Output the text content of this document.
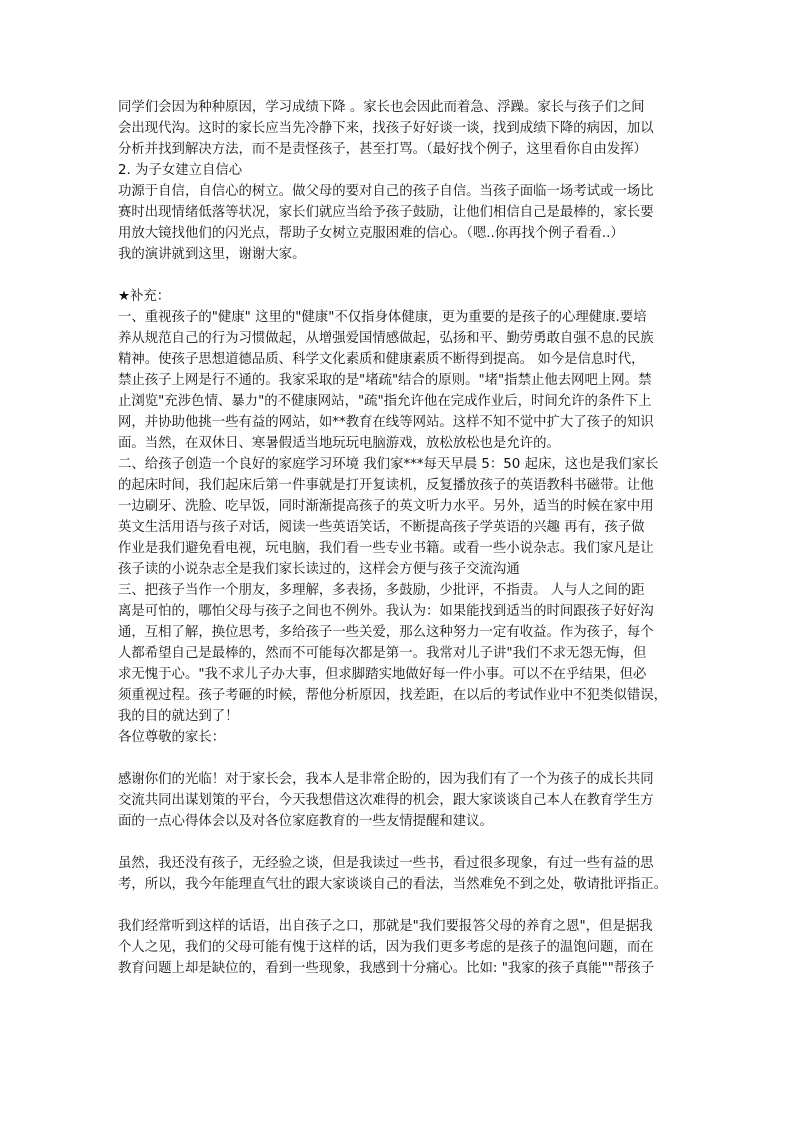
同学们会因为种种原因，学习成绩下降 。家长也会因此而着急、浮躁。家长与孩子们之间
会出现代沟。这时的家长应当先冷静下来，找孩子好好谈一谈，找到成绩下降的病因，加以
分析并找到解决方法，而不是责怪孩子，甚至打骂。（最好找个例子，这里看你自由发挥）
2. 为子女建立自信心
功源于自信，自信心的树立。做父母的要对自己的孩子自信。当孩子面临一场考试或一场比
赛时出现情绪低落等状况，家长们就应当给予孩子鼓励，让他们相信自己是最棒的，家长要
用放大镜找他们的闪光点，帮助子女树立克服困难的信心。（嗯..你再找个例子看看..）
我的演讲就到这里，谢谢大家。
★补充：
一、重视孩子的"健康" 这里的"健康"不仅指身体健康，更为重要的是孩子的心理健康.要培
养从规范自己的行为习惯做起，从增强爱国情感做起，弘扬和平、勤劳勇敢自强不息的民族
精神。使孩子思想道德品质、科学文化素质和健康素质不断得到提高。 如今是信息时代，
禁止孩子上网是行不通的。我家采取的是"堵疏"结合的原则。"堵"指禁止他去网吧上网。禁
止浏览"充涉色情、暴力"的不健康网站，"疏"指允许他在完成作业后，时间允许的条件下上
网，并协助他挑一些有益的网站，如**教育在线等网站。这样不知不觉中扩大了孩子的知识
面。当然，在双休日、寒暑假适当地玩玩电脑游戏，放松放松也是允许的。
二、给孩子创造一个良好的家庭学习环境 我们家***每天早晨 5：50 起床，这也是我们家长
的起床时间，我们起床后第一件事就是打开复读机，反复播放孩子的英语教科书磁带。让他
一边刷牙、洗脸、吃早饭，同时渐渐提高孩子的英文听力水平。另外，适当的时候在家中用
英文生活用语与孩子对话，阅读一些英语笑话，不断提高孩子学英语的兴趣 再有，孩子做
作业是我们避免看电视，玩电脑，我们看一些专业书籍。或看一些小说杂志。我们家凡是让
孩子读的小说杂志全是我们家长读过的，这样会方便与孩子交流沟通
三、把孩子当作一个朋友，多理解，多表扬，多鼓励，少批评，不指责。 人与人之间的距
离是可怕的，哪怕父母与孩子之间也不例外。我认为：如果能找到适当的时间跟孩子好好沟
通，互相了解，换位思考，多给孩子一些关爱，那么这种努力一定有收益。作为孩子，每个
人都希望自己是最棒的，然而不可能每次都是第一。我常对儿子讲"我们不求无怨无悔，但
求无愧于心。"我不求儿子办大事，但求脚踏实地做好每一件小事。可以不在乎结果，但必
须重视过程。孩子考砸的时候，帮他分析原因，找差距，在以后的考试作业中不犯类似错误，
我的目的就达到了！
各位尊敬的家长：
感谢你们的光临！对于家长会，我本人是非常企盼的，因为我们有了一个为孩子的成长共同
交流共同出谋划策的平台，今天我想借这次难得的机会，跟大家谈谈自己本人在教育学生方
面的一点心得体会以及对各位家庭教育的一些友情提醒和建议。
虽然，我还没有孩子，无经验之谈，但是我读过一些书，看过很多现象，有过一些有益的思
考，所以，我今年能理直气壮的跟大家谈谈自己的看法，当然难免不到之处，敬请批评指正。
我们经常听到这样的话语，出自孩子之口，那就是"我们要报答父母的养育之恩"，但是据我
个人之见，我们的父母可能有愧于这样的话，因为我们更多考虑的是孩子的温饱问题，而在
教育问题上却是缺位的，看到一些现象，我感到十分痛心。比如: "我家的孩子真能""帮孩子
